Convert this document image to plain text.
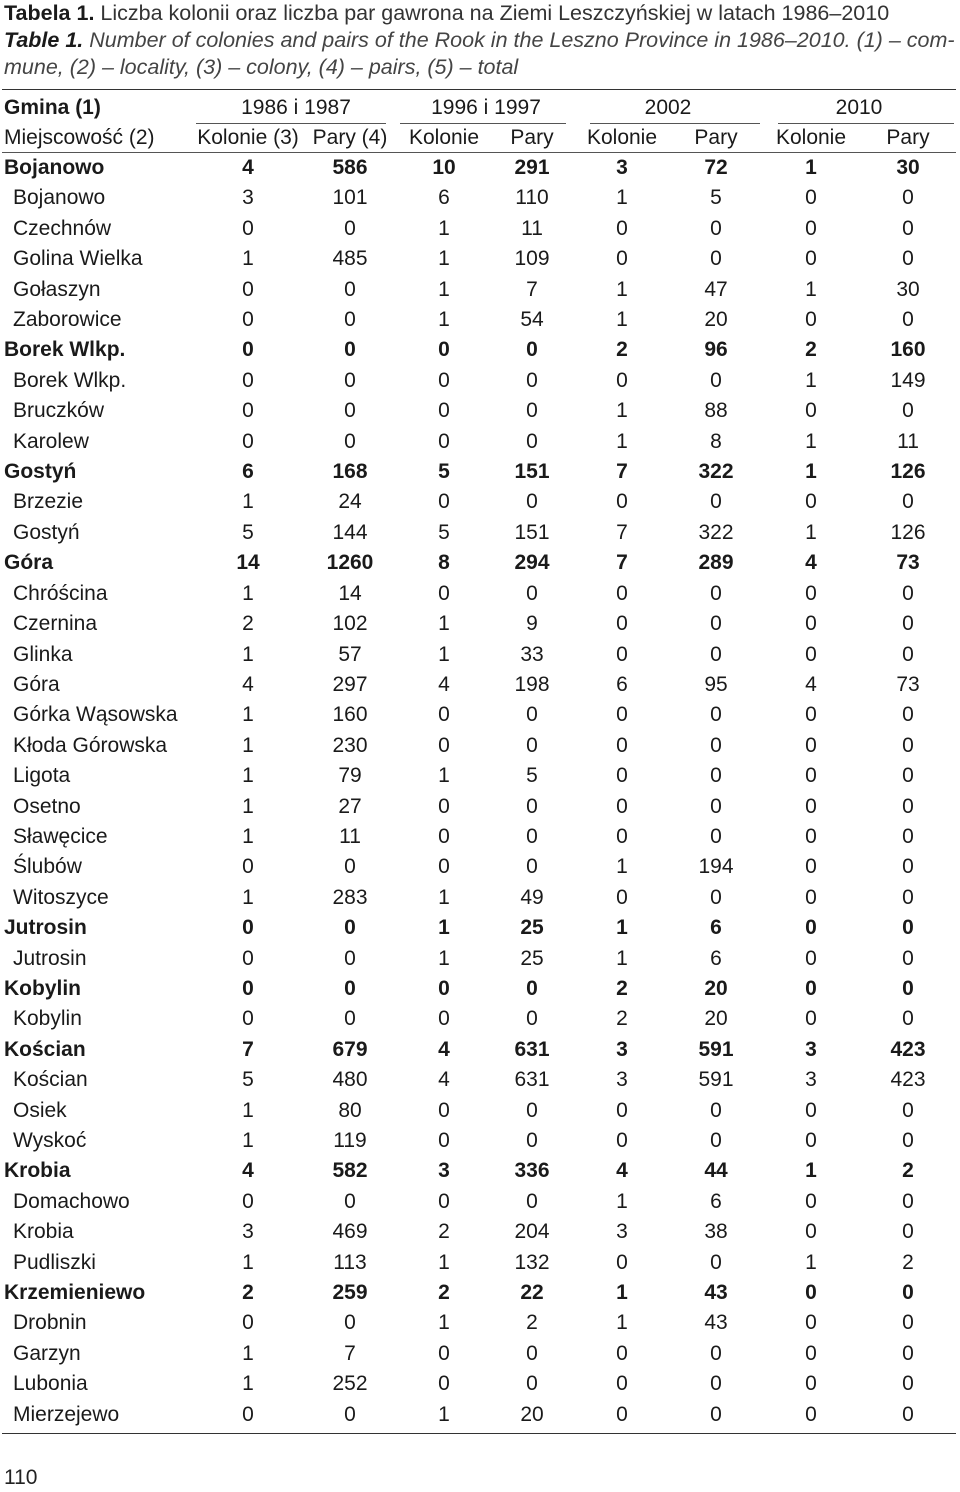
Tabela 1. Liczba kolonii oraz liczba par gawrona na Ziemi Leszczyńskiej w latach 1986–2010
Table 1. Number of colonies and pairs of the Rook in the Leszno Province in 1986–2010. (1) – com-
mune, (2) – locality, (3) – colony, (4) – pairs, (5) – total
Gmina (1)	1986 i 1987		1996 i 1997		2002		2010	
Miejscowość (2)	Kolonie (3)	Pary (4)	Kolonie	Pary	Kolonie	Pary	Kolonie	Pary
Bojanowo	4	586	10	291	3	72	1	30
Bojanowo	3	101	6	110	1	5	0	0
Czechnów	0	0	1	11	0	0	0	0
Golina Wielka	1	485	1	109	0	0	0	0
Gołaszyn	0	0	1	7	1	47	1	30
Zaborowice	0	0	1	54	1	20	0	0
Borek Wlkp.	0	0	0	0	2	96	2	160
Borek Wlkp.	0	0	0	0	0	0	1	149
Bruczków	0	0	0	0	1	88	0	0
Karolew	0	0	0	0	1	8	1	11
Gostyń	6	168	5	151	7	322	1	126
Brzezie	1	24	0	0	0	0	0	0
Gostyń	5	144	5	151	7	322	1	126
Góra	14	1260	8	294	7	289	4	73
Chróścina	1	14	0	0	0	0	0	0
Czernina	2	102	1	9	0	0	0	0
Glinka	1	57	1	33	0	0	0	0
Góra	4	297	4	198	6	95	4	73
Górka Wąsowska	1	160	0	0	0	0	0	0
Kłoda Górowska	1	230	0	0	0	0	0	0
Ligota	1	79	1	5	0	0	0	0
Osetno	1	27	0	0	0	0	0	0
Sławęcice	1	11	0	0	0	0	0	0
Ślubów	0	0	0	0	1	194	0	0
Witoszyce	1	283	1	49	0	0	0	0
Jutrosin	0	0	1	25	1	6	0	0
Jutrosin	0	0	1	25	1	6	0	0
Kobylin	0	0	0	0	2	20	0	0
Kobylin	0	0	0	0	2	20	0	0
Kościan	7	679	4	631	3	591	3	423
Kościan	5	480	4	631	3	591	3	423
Osiek	1	80	0	0	0	0	0	0
Wyskoć	1	119	0	0	0	0	0	0
Krobia	4	582	3	336	4	44	1	2
Domachowo	0	0	0	0	1	6	0	0
Krobia	3	469	2	204	3	38	0	0
Pudliszki	1	113	1	132	0	0	1	2
Krzemieniewo	2	259	2	22	1	43	0	0
Drobnin	0	0	1	2	1	43	0	0
Garzyn	1	7	0	0	0	0	0	0
Lubonia	1	252	0	0	0	0	0	0
Mierzejewo	0	0	1	20	0	0	0	0
110
